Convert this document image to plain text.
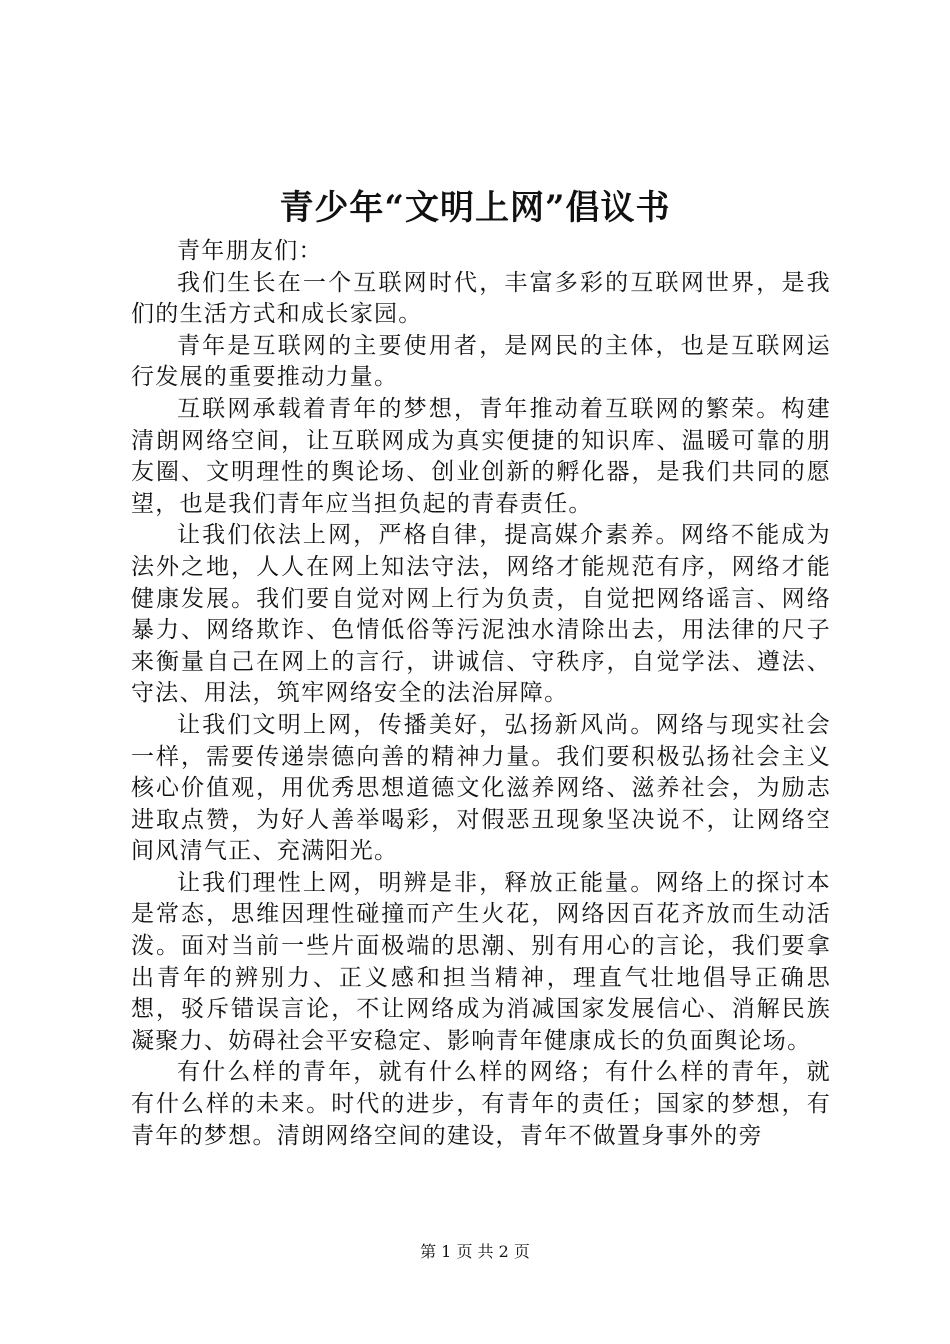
青少年“文明上网”倡议书

青年朋友们：

我们生长在一个互联网时代，丰富多彩的互联网世界，是我们的生活方式和成长家园。

青年是互联网的主要使用者，是网民的主体，也是互联网运行发展的重要推动力量。

互联网承载着青年的梦想，青年推动着互联网的繁荣。构建清朗网络空间，让互联网成为真实便捷的知识库、温暖可靠的朋友圈、文明理性的舆论场、创业创新的孵化器，是我们共同的愿望，也是我们青年应当担负起的青春责任。

让我们依法上网，严格自律，提高媒介素养。网络不能成为法外之地，人人在网上知法守法，网络才能规范有序，网络才能健康发展。我们要自觉对网上行为负责，自觉把网络谣言、网络暴力、网络欺诈、色情低俗等污泥浊水清除出去，用法律的尺子来衡量自己在网上的言行，讲诚信、守秩序，自觉学法、遵法、守法、用法，筑牢网络安全的法治屏障。

让我们文明上网，传播美好，弘扬新风尚。网络与现实社会一样，需要传递崇德向善的精神力量。我们要积极弘扬社会主义核心价值观，用优秀思想道德文化滋养网络、滋养社会，为励志进取点赞，为好人善举喝彩，对假恶丑现象坚决说不，让网络空间风清气正、充满阳光。

让我们理性上网，明辨是非，释放正能量。网络上的探讨本是常态，思维因理性碰撞而产生火花，网络因百花齐放而生动活泼。面对当前一些片面极端的思潮、别有用心的言论，我们要拿出青年的辨别力、正义感和担当精神，理直气壮地倡导正确思想，驳斥错误言论，不让网络成为消减国家发展信心、消解民族凝聚力、妨碍社会平安稳定、影响青年健康成长的负面舆论场。

有什么样的青年，就有什么样的网络；有什么样的青年，就有什么样的未来。时代的进步，有青年的责任；国家的梦想，有青年的梦想。清朗网络空间的建设，青年不做置身事外的旁

第 1 页 共 2 页
